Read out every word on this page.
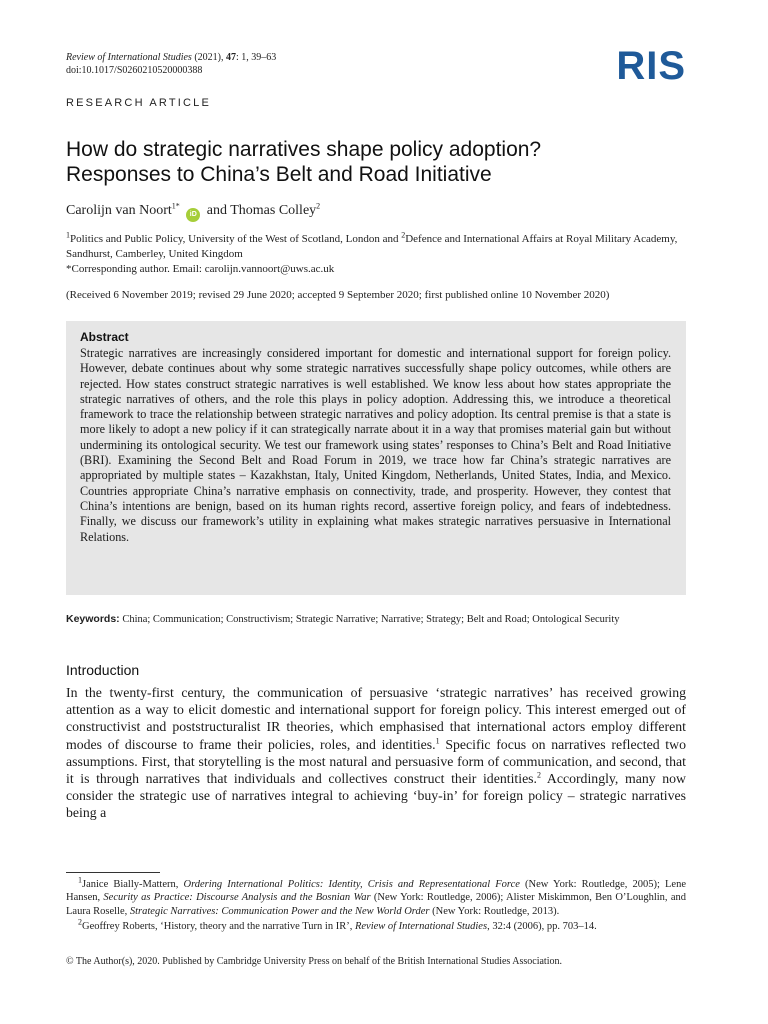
Review of International Studies (2021), 47: 1, 39–63
doi:10.1017/S0260210520000388	RIS
RESEARCH ARTICLE
How do strategic narratives shape policy adoption?
Responses to China’s Belt and Road Initiative
Carolijn van Noort$^{1*}$ iD and Thomas Colley$^2$
$^1$Politics and Public Policy, University of the West of Scotland, London and $^2$Defence and International Affairs at Royal Military Academy, Sandhurst, Camberley, United Kingdom
*Corresponding author. Email: carolijn.vannoort@uws.ac.uk
(Received 6 November 2019; revised 29 June 2020; accepted 9 September 2020; first published online 10 November 2020)
Abstract

Strategic narratives are increasingly considered important for domestic and international support for foreign policy. However, debate continues about why some strategic narratives successfully shape policy outcomes, while others are rejected. How states construct strategic narratives is well established. We know less about how states appropriate the strategic narratives of others, and the role this plays in policy adoption. Addressing this, we introduce a theoretical framework to trace the relationship between strategic narratives and policy adoption. Its central premise is that a state is more likely to adopt a new policy if it can strategically narrate about it in a way that promises material gain but without undermining its ontological security. We test our framework using states’ responses to China’s Belt and Road Initiative (BRI). Examining the Second Belt and Road Forum in 2019, we trace how far China’s strategic narratives are appropriated by multiple states – Kazakhstan, Italy, United Kingdom, Netherlands, United States, India, and Mexico. Countries appropriate China’s narrative emphasis on connectivity, trade, and prosperity. However, they contest that China’s intentions are benign, based on its human rights record, assertive foreign policy, and fears of indebtedness. Finally, we discuss our framework’s utility in explaining what makes strategic narratives persuasive in International Relations.

Keywords: China; Communication; Constructivism; Strategic Narrative; Narrative; Strategy; Belt and Road; Ontological Security
Introduction

In the twenty-first century, the communication of persuasive ‘strategic narratives’ has received growing attention as a way to elicit domestic and international support for foreign policy. This interest emerged out of constructivist and poststructuralist IR theories, which emphasised that international actors employ different modes of discourse to frame their policies, roles, and identities.$^1$ Specific focus on narratives reflected two assumptions. First, that storytelling is the most natural and persuasive form of communication, and second, that it is through narratives that individuals and collectives construct their identities.$^2$ Accordingly, many now consider the strategic use of narratives integral to achieving ‘buy-in’ for foreign policy – strategic narratives being a

$^1$Janice Bially-Mattern, Ordering International Politics: Identity, Crisis and Representational Force (New York: Routledge, 2005); Lene Hansen, Security as Practice: Discourse Analysis and the Bosnian War (New York: Routledge, 2006); Alister Miskimmon, Ben O’Loughlin, and Laura Roselle, Strategic Narratives: Communication Power and the New World Order (New York: Routledge, 2013).

$^2$Geoffrey Roberts, ‘History, theory and the narrative Turn in IR’, Review of International Studies, 32:4 (2006), pp. 703–14.

© The Author(s), 2020. Published by Cambridge University Press on behalf of the British International Studies Association.
